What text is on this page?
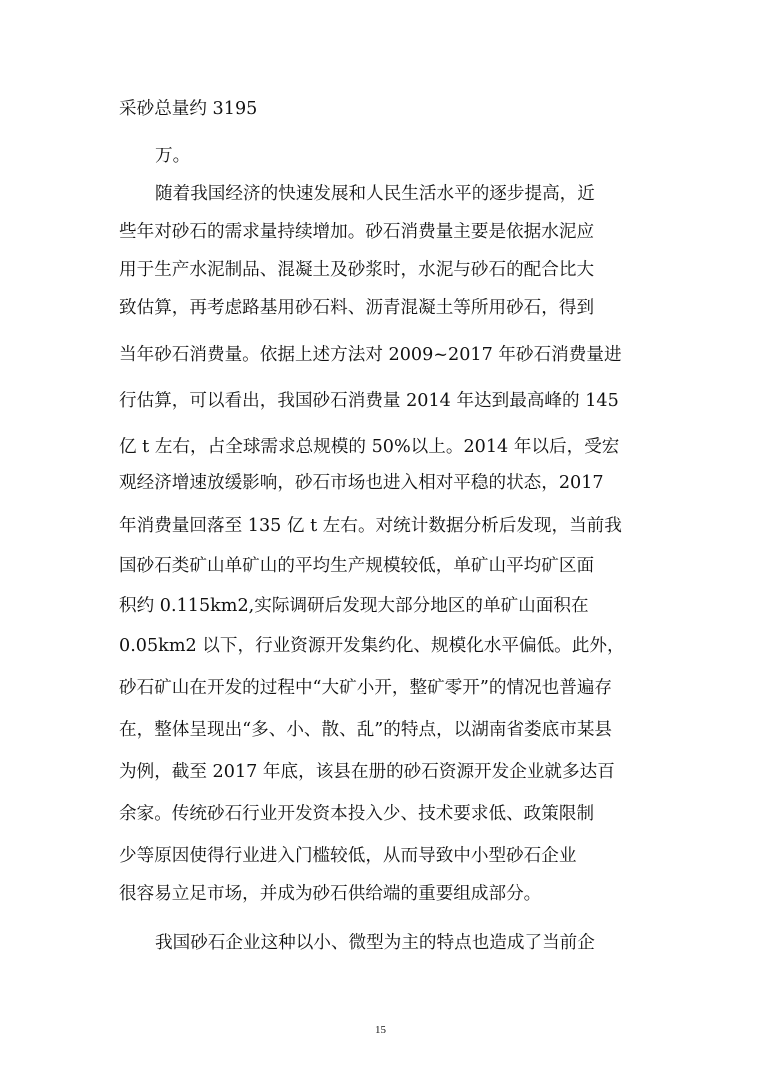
采砂总量约 3195
万。
随着我国经济的快速发展和人民生活水平的逐步提高，近
些年对砂石的需求量持续增加。砂石消费量主要是依据水泥应
用于生产水泥制品、混凝土及砂浆时，水泥与砂石的配合比大
致估算，再考虑路基用砂石料、沥青混凝土等所用砂石，得到
当年砂石消费量。依据上述方法对 2009~2017 年砂石消费量进
行估算，可以看出，我国砂石消费量 2014 年达到最高峰的 145
亿 t 左右，占全球需求总规模的 50%以上。2014 年以后，受宏
观经济增速放缓影响，砂石市场也进入相对平稳的状态，2017
年消费量回落至 135 亿 t 左右。对统计数据分析后发现，当前我
国砂石类矿山单矿山的平均生产规模较低，单矿山平均矿区面
积约 0.115km2,实际调研后发现大部分地区的单矿山面积在
0.05km2 以下，行业资源开发集约化、规模化水平偏低。此外，
砂石矿山在开发的过程中“大矿小开，整矿零开”的情况也普遍存
在，整体呈现出“多、小、散、乱”的特点，以湖南省娄底市某县
为例，截至 2017 年底，该县在册的砂石资源开发企业就多达百
余家。传统砂石行业开发资本投入少、技术要求低、政策限制
少等原因使得行业进入门槛较低，从而导致中小型砂石企业
很容易立足市场，并成为砂石供给端的重要组成部分。
我国砂石企业这种以小、微型为主的特点也造成了当前企
15
